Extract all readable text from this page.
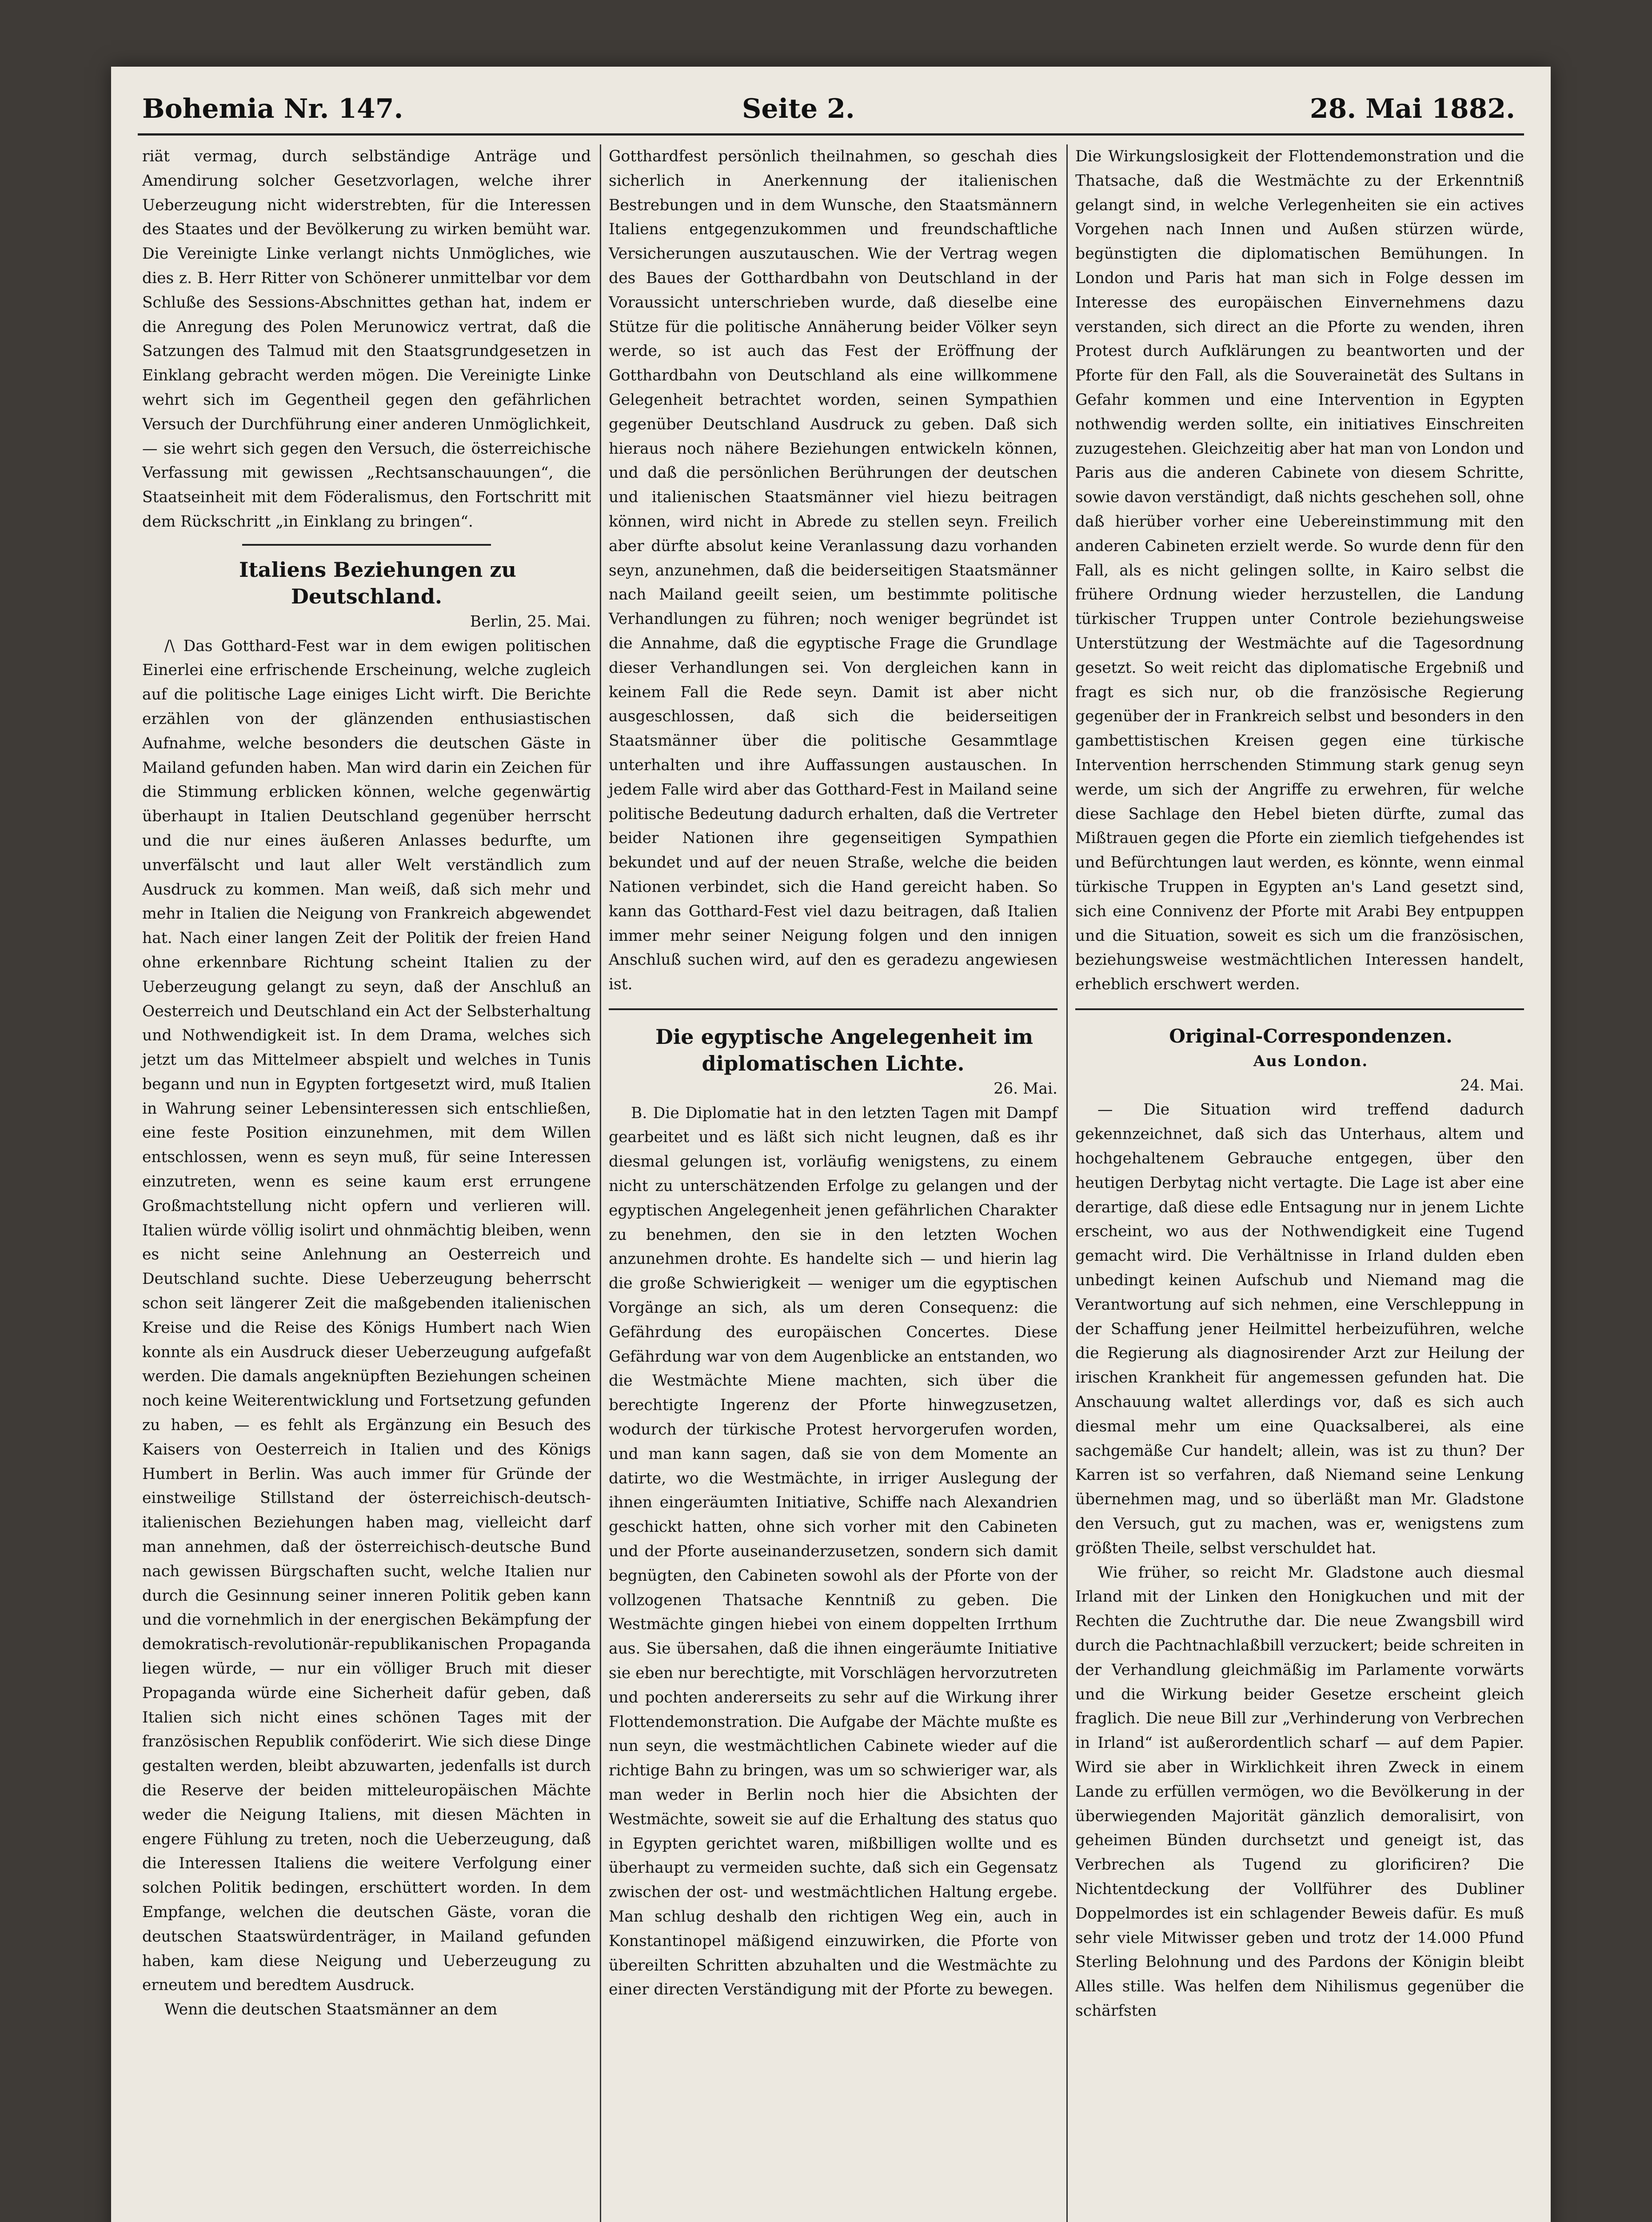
Bohemia Nr. 147.	Seite 2.	28. Mai 1882.

riät vermag, durch selbständige Anträge und Amendirung solcher Gesetzvorlagen, welche ihrer Ueberzeugung nicht widerstrebten, für die Interessen des Staates und der Bevölkerung zu wirken bemüht war. Die Vereinigte Linke verlangt nichts Unmögliches, wie dies z. B. Herr Ritter von Schönerer unmittelbar vor dem Schluße des Sessions-Abschnittes gethan hat, indem er die Anregung des Polen Merunowicz vertrat, daß die Satzungen des Talmud mit den Staatsgrundgesetzen in Einklang gebracht werden mögen. Die Vereinigte Linke wehrt sich im Gegentheil gegen den gefährlichen Versuch der Durchführung einer anderen Unmöglichkeit, — sie wehrt sich gegen den Versuch, die österreichische Verfassung mit gewissen „Rechtsanschauungen“, die Staatseinheit mit dem Föderalismus, den Fortschritt mit dem Rückschritt „in Einklang zu bringen“.

Italiens Beziehungen zu Deutschland.

Berlin, 25. Mai.

/\ Das Gotthard-Fest war in dem ewigen politischen Einerlei eine erfrischende Erscheinung, welche zugleich auf die politische Lage einiges Licht wirft. Die Berichte erzählen von der glänzenden enthusiastischen Aufnahme, welche besonders die deutschen Gäste in Mailand gefunden haben. Man wird darin ein Zeichen für die Stimmung erblicken können, welche gegenwärtig überhaupt in Italien Deutschland gegenüber herrscht und die nur eines äußeren Anlasses bedurfte, um unverfälscht und laut aller Welt verständlich zum Ausdruck zu kommen. Man weiß, daß sich mehr und mehr in Italien die Neigung von Frankreich abgewendet hat. Nach einer langen Zeit der Politik der freien Hand ohne erkennbare Richtung scheint Italien zu der Ueberzeugung gelangt zu seyn, daß der Anschluß an Oesterreich und Deutschland ein Act der Selbsterhaltung und Nothwendigkeit ist. In dem Drama, welches sich jetzt um das Mittelmeer abspielt und welches in Tunis begann und nun in Egypten fortgesetzt wird, muß Italien in Wahrung seiner Lebensinteressen sich entschließen, eine feste Position einzunehmen, mit dem Willen entschlossen, wenn es seyn muß, für seine Interessen einzutreten, wenn es seine kaum erst errungene Großmachtstellung nicht opfern und verlieren will. Italien würde völlig isolirt und ohnmächtig bleiben, wenn es nicht seine Anlehnung an Oesterreich und Deutschland suchte. Diese Ueberzeugung beherrscht schon seit längerer Zeit die maßgebenden italienischen Kreise und die Reise des Königs Humbert nach Wien konnte als ein Ausdruck dieser Ueberzeugung aufgefaßt werden. Die damals angeknüpften Beziehungen scheinen noch keine Weiterentwicklung und Fortsetzung gefunden zu haben, — es fehlt als Ergänzung ein Besuch des Kaisers von Oesterreich in Italien und des Königs Humbert in Berlin. Was auch immer für Gründe der einstweilige Stillstand der österreichisch-deutsch-italienischen Beziehungen haben mag, vielleicht darf man annehmen, daß der österreichisch-deutsche Bund nach gewissen Bürgschaften sucht, welche Italien nur durch die Gesinnung seiner inneren Politik geben kann und die vornehmlich in der energischen Bekämpfung der demokratisch-revolutionär-republikanischen Propaganda liegen würde, — nur ein völliger Bruch mit dieser Propaganda würde eine Sicherheit dafür geben, daß Italien sich nicht eines schönen Tages mit der französischen Republik conföderirt. Wie sich diese Dinge gestalten werden, bleibt abzuwarten, jedenfalls ist durch die Reserve der beiden mitteleuropäischen Mächte weder die Neigung Italiens, mit diesen Mächten in engere Fühlung zu treten, noch die Ueberzeugung, daß die Interessen Italiens die weitere Verfolgung einer solchen Politik bedingen, erschüttert worden. In dem Empfange, welchen die deutschen Gäste, voran die deutschen Staatswürdenträger, in Mailand gefunden haben, kam diese Neigung und Ueberzeugung zu erneutem und beredtem Ausdruck.

Wenn die deutschen Staatsmänner an dem

Gotthardfest persönlich theilnahmen, so geschah dies sicherlich in Anerkennung der italienischen Bestrebungen und in dem Wunsche, den Staatsmännern Italiens entgegenzukommen und freundschaftliche Versicherungen auszutauschen. Wie der Vertrag wegen des Baues der Gotthardbahn von Deutschland in der Voraussicht unterschrieben wurde, daß dieselbe eine Stütze für die politische Annäherung beider Völker seyn werde, so ist auch das Fest der Eröffnung der Gotthardbahn von Deutschland als eine willkommene Gelegenheit betrachtet worden, seinen Sympathien gegenüber Deutschland Ausdruck zu geben. Daß sich hieraus noch nähere Beziehungen entwickeln können, und daß die persönlichen Berührungen der deutschen und italienischen Staatsmänner viel hiezu beitragen können, wird nicht in Abrede zu stellen seyn. Freilich aber dürfte absolut keine Veranlassung dazu vorhanden seyn, anzunehmen, daß die beiderseitigen Staatsmänner nach Mailand geeilt seien, um bestimmte politische Verhandlungen zu führen; noch weniger begründet ist die Annahme, daß die egyptische Frage die Grundlage dieser Verhandlungen sei. Von dergleichen kann in keinem Fall die Rede seyn. Damit ist aber nicht ausgeschlossen, daß sich die beiderseitigen Staatsmänner über die politische Gesammtlage unterhalten und ihre Auffassungen austauschen. In jedem Falle wird aber das Gotthard-Fest in Mailand seine politische Bedeutung dadurch erhalten, daß die Vertreter beider Nationen ihre gegenseitigen Sympathien bekundet und auf der neuen Straße, welche die beiden Nationen verbindet, sich die Hand gereicht haben. So kann das Gotthard-Fest viel dazu beitragen, daß Italien immer mehr seiner Neigung folgen und den innigen Anschluß suchen wird, auf den es geradezu angewiesen ist.

Die egyptische Angelegenheit im diplomatischen Lichte.

26. Mai.

B. Die Diplomatie hat in den letzten Tagen mit Dampf gearbeitet und es läßt sich nicht leugnen, daß es ihr diesmal gelungen ist, vorläufig wenigstens, zu einem nicht zu unterschätzenden Erfolge zu gelangen und der egyptischen Angelegenheit jenen gefährlichen Charakter zu benehmen, den sie in den letzten Wochen anzunehmen drohte. Es handelte sich — und hierin lag die große Schwierigkeit — weniger um die egyptischen Vorgänge an sich, als um deren Consequenz: die Gefährdung des europäischen Concertes. Diese Gefährdung war von dem Augenblicke an entstanden, wo die Westmächte Miene machten, sich über die berechtigte Ingerenz der Pforte hinwegzusetzen, wodurch der türkische Protest hervorgerufen worden, und man kann sagen, daß sie von dem Momente an datirte, wo die Westmächte, in irriger Auslegung der ihnen eingeräumten Initiative, Schiffe nach Alexandrien geschickt hatten, ohne sich vorher mit den Cabineten und der Pforte auseinanderzusetzen, sondern sich damit begnügten, den Cabineten sowohl als der Pforte von der vollzogenen Thatsache Kenntniß zu geben. Die Westmächte gingen hiebei von einem doppelten Irrthum aus. Sie übersahen, daß die ihnen eingeräumte Initiative sie eben nur berechtigte, mit Vorschlägen hervorzutreten und pochten andererseits zu sehr auf die Wirkung ihrer Flottendemonstration. Die Aufgabe der Mächte mußte es nun seyn, die westmächtlichen Cabinete wieder auf die richtige Bahn zu bringen, was um so schwieriger war, als man weder in Berlin noch hier die Absichten der Westmächte, soweit sie auf die Erhaltung des status quo in Egypten gerichtet waren, mißbilligen wollte und es überhaupt zu vermeiden suchte, daß sich ein Gegensatz zwischen der ost- und westmächtlichen Haltung ergebe. Man schlug deshalb den richtigen Weg ein, auch in Konstantinopel mäßigend einzuwirken, die Pforte von übereilten Schritten abzuhalten und die Westmächte zu einer directen Verständigung mit der Pforte zu bewegen.

Die Wirkungslosigkeit der Flottendemonstration und die Thatsache, daß die Westmächte zu der Erkenntniß gelangt sind, in welche Verlegenheiten sie ein actives Vorgehen nach Innen und Außen stürzen würde, begünstigten die diplomatischen Bemühungen. In London und Paris hat man sich in Folge dessen im Interesse des europäischen Einvernehmens dazu verstanden, sich direct an die Pforte zu wenden, ihren Protest durch Aufklärungen zu beantworten und der Pforte für den Fall, als die Souverainetät des Sultans in Gefahr kommen und eine Intervention in Egypten nothwendig werden sollte, ein initiatives Einschreiten zuzugestehen. Gleichzeitig aber hat man von London und Paris aus die anderen Cabinete von diesem Schritte, sowie davon verständigt, daß nichts geschehen soll, ohne daß hierüber vorher eine Uebereinstimmung mit den anderen Cabineten erzielt werde. So wurde denn für den Fall, als es nicht gelingen sollte, in Kairo selbst die frühere Ordnung wieder herzustellen, die Landung türkischer Truppen unter Controle beziehungsweise Unterstützung der Westmächte auf die Tagesordnung gesetzt. So weit reicht das diplomatische Ergebniß und fragt es sich nur, ob die französische Regierung gegenüber der in Frankreich selbst und besonders in den gambettistischen Kreisen gegen eine türkische Intervention herrschenden Stimmung stark genug seyn werde, um sich der Angriffe zu erwehren, für welche diese Sachlage den Hebel bieten dürfte, zumal das Mißtrauen gegen die Pforte ein ziemlich tiefgehendes ist und Befürchtungen laut werden, es könnte, wenn einmal türkische Truppen in Egypten an's Land gesetzt sind, sich eine Connivenz der Pforte mit Arabi Bey entpuppen und die Situation, soweit es sich um die französischen, beziehungsweise westmächtlichen Interessen handelt, erheblich erschwert werden.

Original-Correspondenzen.

Aus London.

24. Mai.

— Die Situation wird treffend dadurch gekennzeichnet, daß sich das Unterhaus, altem und hochgehaltenem Gebrauche entgegen, über den heutigen Derbytag nicht vertagte. Die Lage ist aber eine derartige, daß diese edle Entsagung nur in jenem Lichte erscheint, wo aus der Nothwendigkeit eine Tugend gemacht wird. Die Verhältnisse in Irland dulden eben unbedingt keinen Aufschub und Niemand mag die Verantwortung auf sich nehmen, eine Verschleppung in der Schaffung jener Heilmittel herbeizuführen, welche die Regierung als diagnosirender Arzt zur Heilung der irischen Krankheit für angemessen gefunden hat. Die Anschauung waltet allerdings vor, daß es sich auch diesmal mehr um eine Quacksalberei, als eine sachgemäße Cur handelt; allein, was ist zu thun? Der Karren ist so verfahren, daß Niemand seine Lenkung übernehmen mag, und so überläßt man Mr. Gladstone den Versuch, gut zu machen, was er, wenigstens zum größten Theile, selbst verschuldet hat.

Wie früher, so reicht Mr. Gladstone auch diesmal Irland mit der Linken den Honigkuchen und mit der Rechten die Zuchtruthe dar. Die neue Zwangsbill wird durch die Pachtnachlaßbill verzuckert; beide schreiten in der Verhandlung gleichmäßig im Parlamente vorwärts und die Wirkung beider Gesetze erscheint gleich fraglich. Die neue Bill zur „Verhinderung von Verbrechen in Irland“ ist außerordentlich scharf — auf dem Papier. Wird sie aber in Wirklichkeit ihren Zweck in einem Lande zu erfüllen vermögen, wo die Bevölkerung in der überwiegenden Majorität gänzlich demoralisirt, von geheimen Bünden durchsetzt und geneigt ist, das Verbrechen als Tugend zu glorificiren? Die Nichtentdeckung der Vollführer des Dubliner Doppelmordes ist ein schlagender Beweis dafür. Es muß sehr viele Mitwisser geben und trotz der 14.000 Pfund Sterling Belohnung und des Pardons der Königin bleibt Alles stille. Was helfen dem Nihilismus gegenüber die schärfsten
